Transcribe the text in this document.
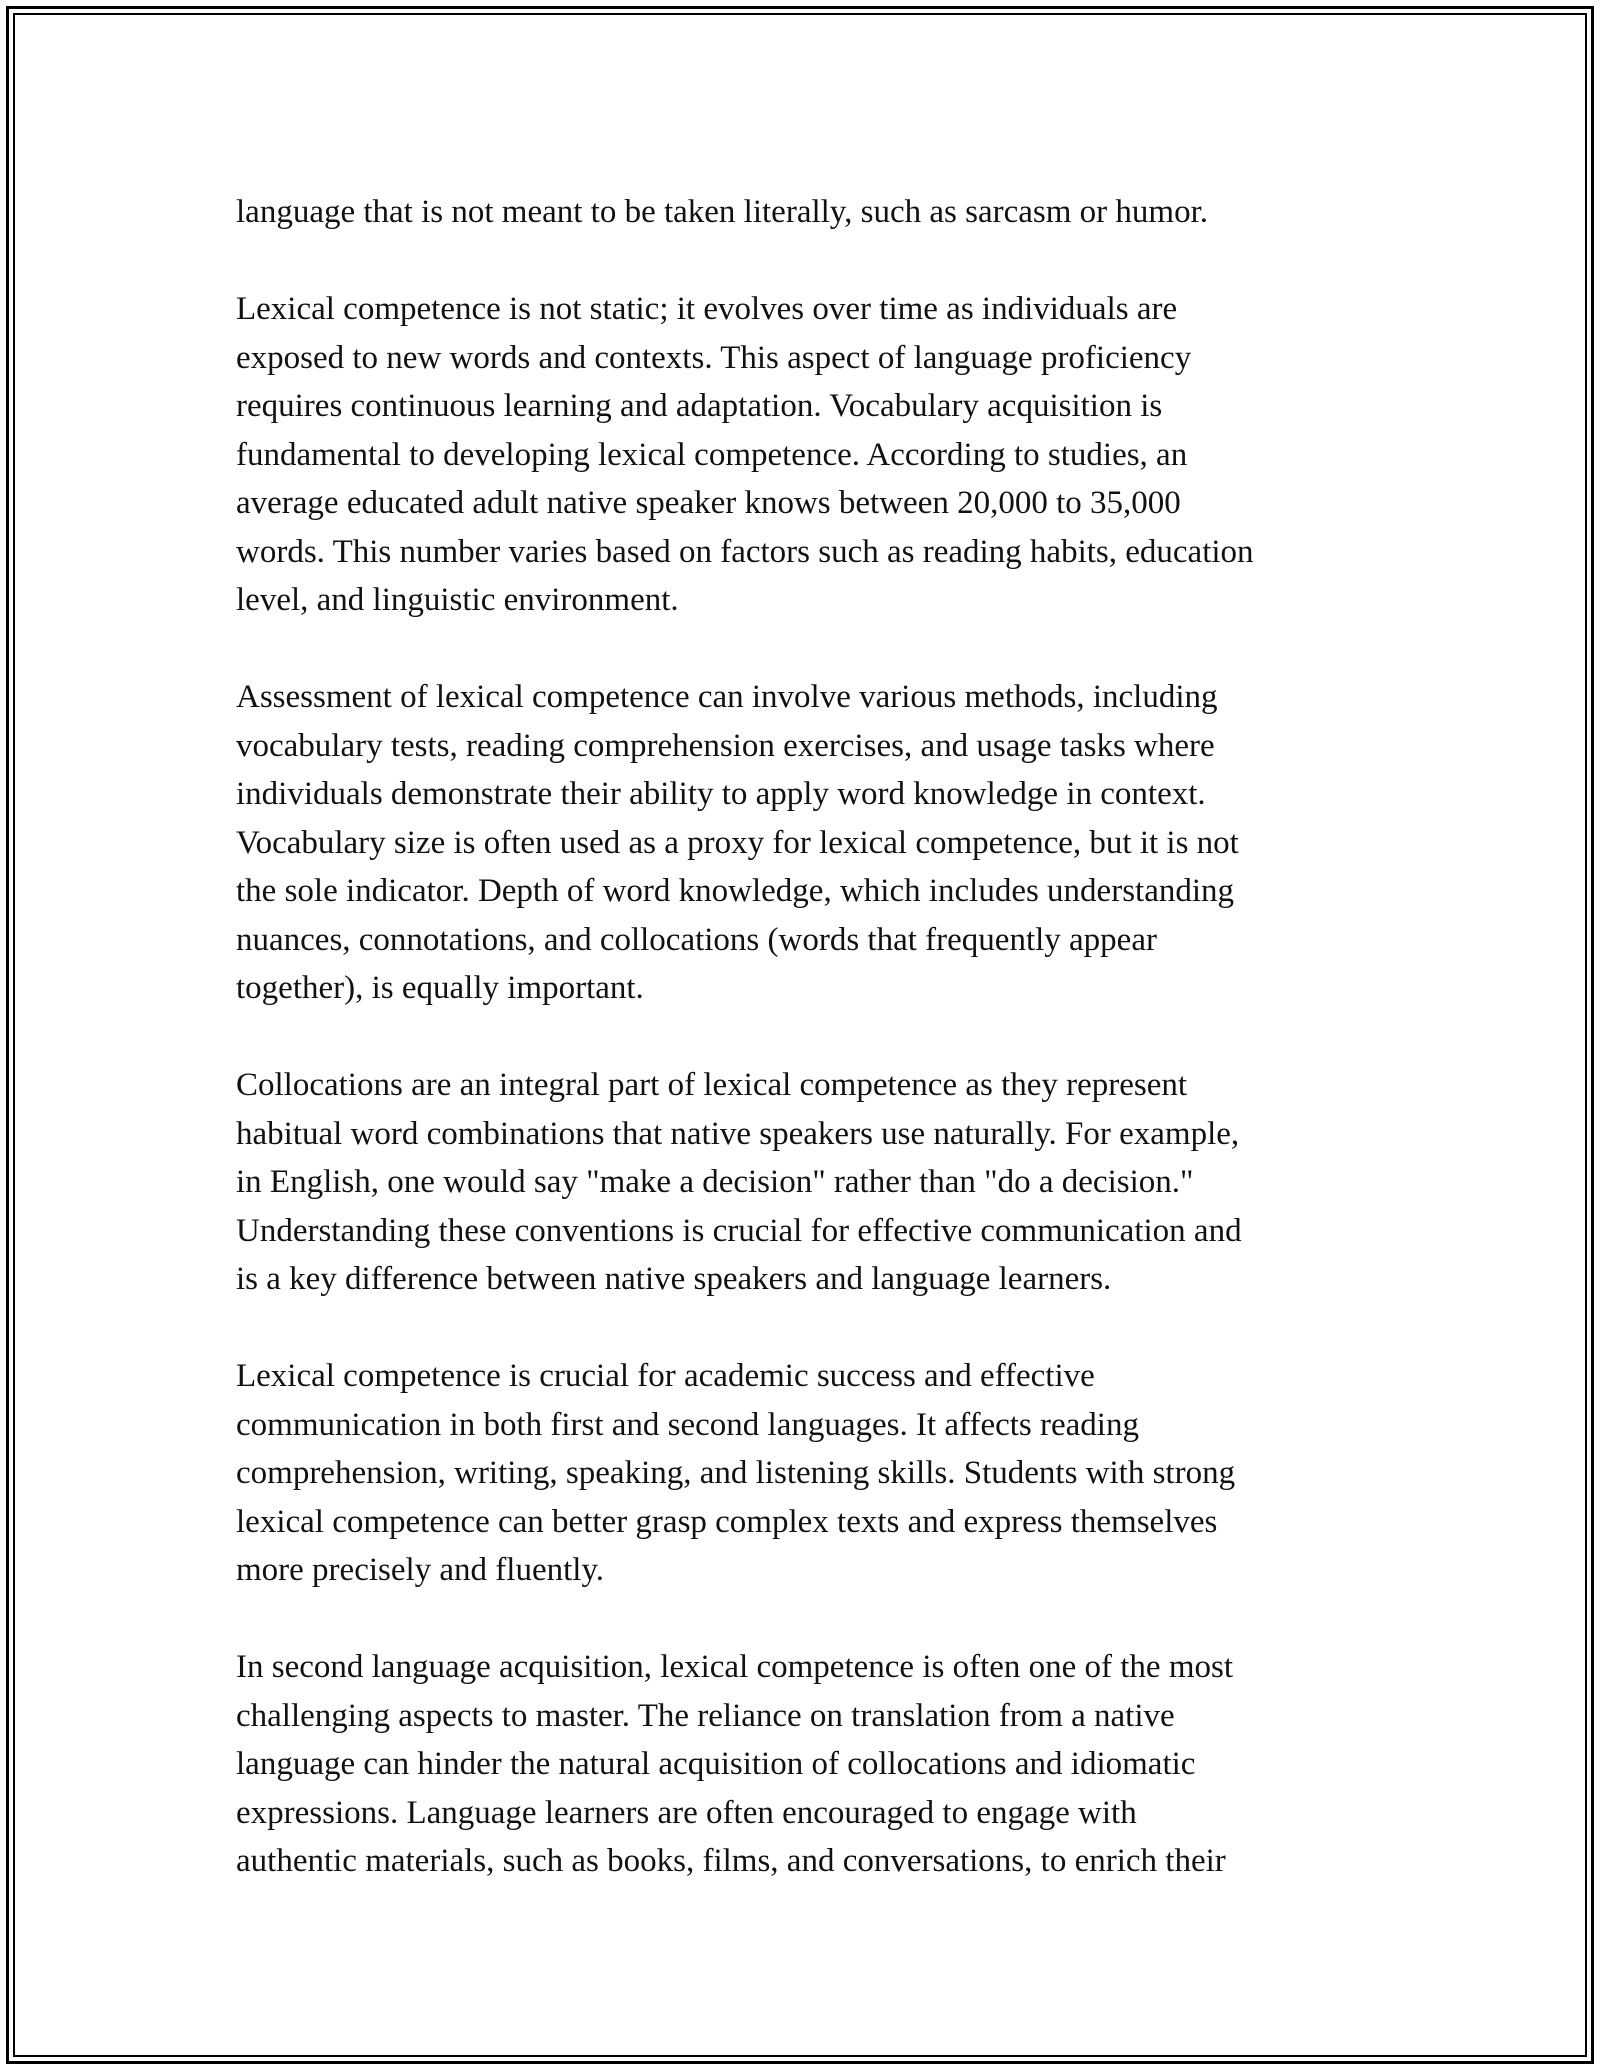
language that is not meant to be taken literally, such as sarcasm or humor.

Lexical competence is not static; it evolves over time as individuals are
exposed to new words and contexts. This aspect of language proficiency
requires continuous learning and adaptation. Vocabulary acquisition is
fundamental to developing lexical competence. According to studies, an
average educated adult native speaker knows between 20,000 to 35,000
words. This number varies based on factors such as reading habits, education
level, and linguistic environment.

Assessment of lexical competence can involve various methods, including
vocabulary tests, reading comprehension exercises, and usage tasks where
individuals demonstrate their ability to apply word knowledge in context.
Vocabulary size is often used as a proxy for lexical competence, but it is not
the sole indicator. Depth of word knowledge, which includes understanding
nuances, connotations, and collocations (words that frequently appear
together), is equally important.

Collocations are an integral part of lexical competence as they represent
habitual word combinations that native speakers use naturally. For example,
in English, one would say "make a decision" rather than "do a decision."
Understanding these conventions is crucial for effective communication and
is a key difference between native speakers and language learners.

Lexical competence is crucial for academic success and effective
communication in both first and second languages. It affects reading
comprehension, writing, speaking, and listening skills. Students with strong
lexical competence can better grasp complex texts and express themselves
more precisely and fluently.

In second language acquisition, lexical competence is often one of the most
challenging aspects to master. The reliance on translation from a native
language can hinder the natural acquisition of collocations and idiomatic
expressions. Language learners are often encouraged to engage with
authentic materials, such as books, films, and conversations, to enrich their
